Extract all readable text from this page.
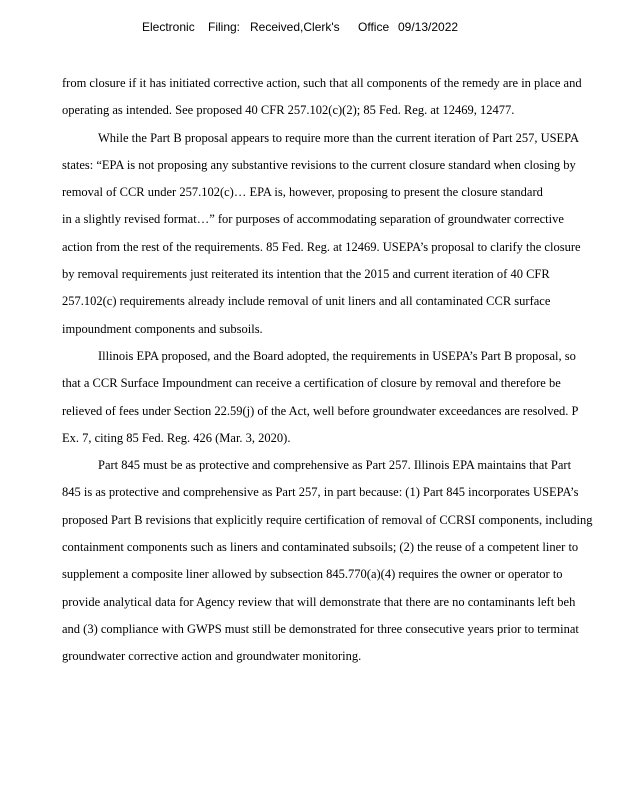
Electronic Filing: Received,Clerk's Office 09/13/2022
from closure if it has initiated corrective action, such that all components of the remedy are in place and
operating as intended. See proposed 40 CFR 257.102(c)(2); 85 Fed. Reg. at 12469, 12477.
While the Part B proposal appears to require more than the current iteration of Part 257, USEPA
states: “EPA is not proposing any substantive revisions to the current closure standard when closing by
removal of CCR under 257.102(c)… EPA is, however, proposing to present the closure standard
in a slightly revised format…” for purposes of accommodating separation of groundwater corrective
action from the rest of the requirements. 85 Fed. Reg. at 12469. USEPA’s proposal to clarify the closure
by removal requirements just reiterated its intention that the 2015 and current iteration of 40 CFR
257.102(c) requirements already include removal of unit liners and all contaminated CCR surface
impoundment components and subsoils.
Illinois EPA proposed, and the Board adopted, the requirements in USEPA’s Part B proposal, so
that a CCR Surface Impoundment can receive a certification of closure by removal and therefore be
relieved of fees under Section 22.59(j) of the Act, well before groundwater exceedances are resolved. P
Ex. 7, citing 85 Fed. Reg. 426 (Mar. 3, 2020).
Part 845 must be as protective and comprehensive as Part 257. Illinois EPA maintains that Part
845 is as protective and comprehensive as Part 257, in part because: (1) Part 845 incorporates USEPA’s
proposed Part B revisions that explicitly require certification of removal of CCRSI components, including
containment components such as liners and contaminated subsoils; (2) the reuse of a competent liner to
supplement a composite liner allowed by subsection 845.770(a)(4) requires the owner or operator to
provide analytical data for Agency review that will demonstrate that there are no contaminants left beh
and (3) compliance with GWPS must still be demonstrated for three consecutive years prior to terminat
groundwater corrective action and groundwater monitoring.
